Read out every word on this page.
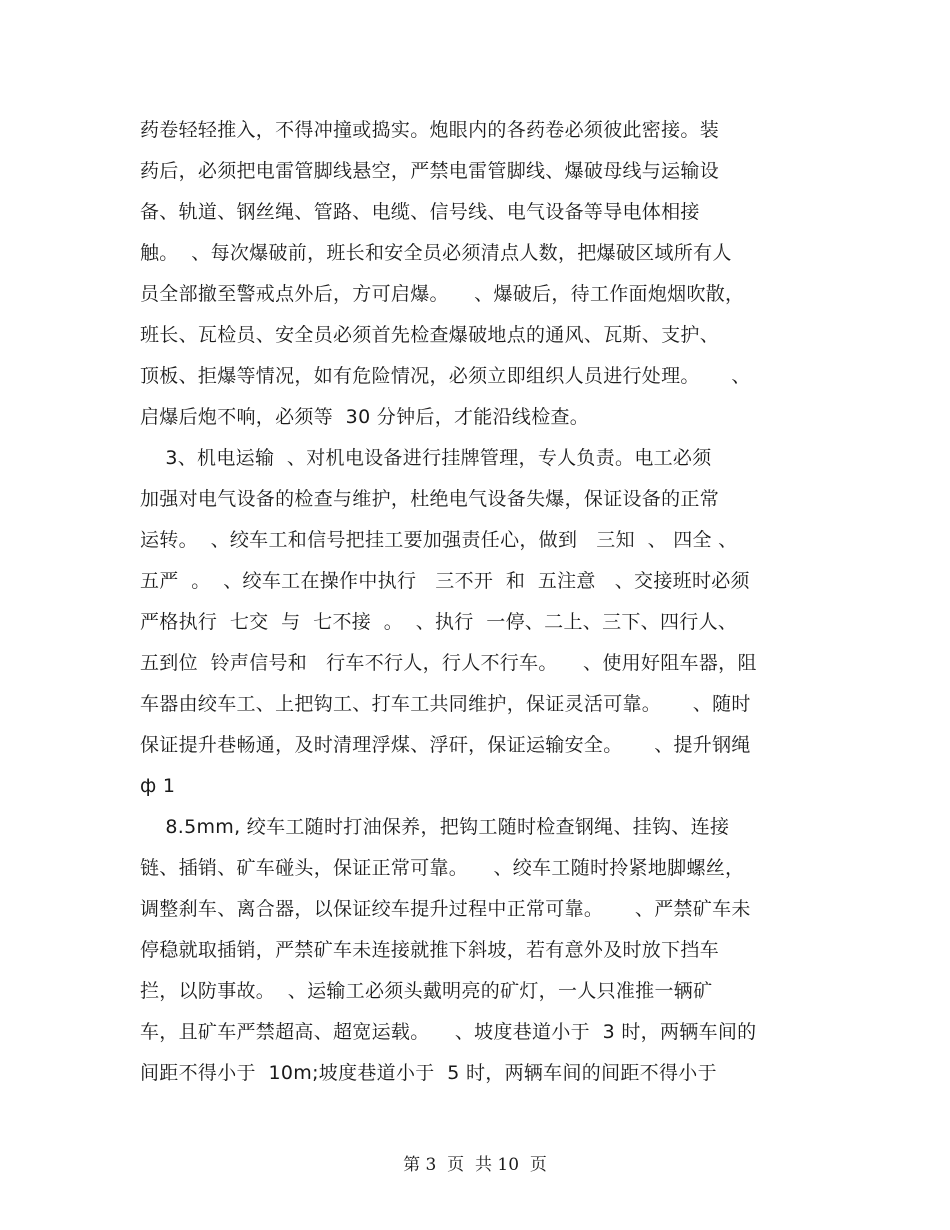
药卷轻轻推入，不得冲撞或捣实。炮眼内的各药卷必须彼此密接。装
药后，必须把电雷管脚线悬空，严禁电雷管脚线、爆破母线与运输设
备、轨道、钢丝绳、管路、电缆、信号线、电气设备等导电体相接
触。  、每次爆破前，班长和安全员必须清点人数，把爆破区域所有人
员全部撤至警戒点外后，方可启爆。    、爆破后，待工作面炮烟吹散，
班长、瓦检员、安全员必须首先检查爆破地点的通风、瓦斯、支护、
顶板、拒爆等情况，如有危险情况，必须立即组织人员进行处理。     、
启爆后炮不响，必须等  30 分钟后，才能沿线检查。
3、机电运输  、对机电设备进行挂牌管理，专人负责。电工必须
加强对电气设备的检查与维护，杜绝电气设备失爆，保证设备的正常
运转。  、绞车工和信号把挂工要加强责任心，做到   三知  、 四全 、
五严  。  、绞车工在操作中执行   三不开  和  五注意   、交接班时必须
严格执行  七交  与  七不接  。  、执行  一停、二上、三下、四行人、
五到位  铃声信号和   行车不行人，行人不行车。    、使用好阻车器，阻
车器由绞车工、上把钩工、打车工共同维护，保证灵活可靠。     、随时
保证提升巷畅通，及时清理浮煤、浮矸，保证运输安全。     、提升钢绳
ф 1
8.5mm, 绞车工随时打油保养，把钩工随时检查钢绳、挂钩、连接
链、插销、矿车碰头，保证正常可靠。    、绞车工随时拎紧地脚螺丝，
调整刹车、离合器，以保证绞车提升过程中正常可靠。     、严禁矿车未
停稳就取插销，严禁矿车未连接就推下斜坡，若有意外及时放下挡车
拦，以防事故。  、运输工必须头戴明亮的矿灯，一人只准推一辆矿
车，且矿车严禁超高、超宽运载。    、坡度巷道小于  3 时，两辆车间的
间距不得小于  10m;坡度巷道小于  5 时，两辆车间的间距不得小于
第 3  页  共 10  页
